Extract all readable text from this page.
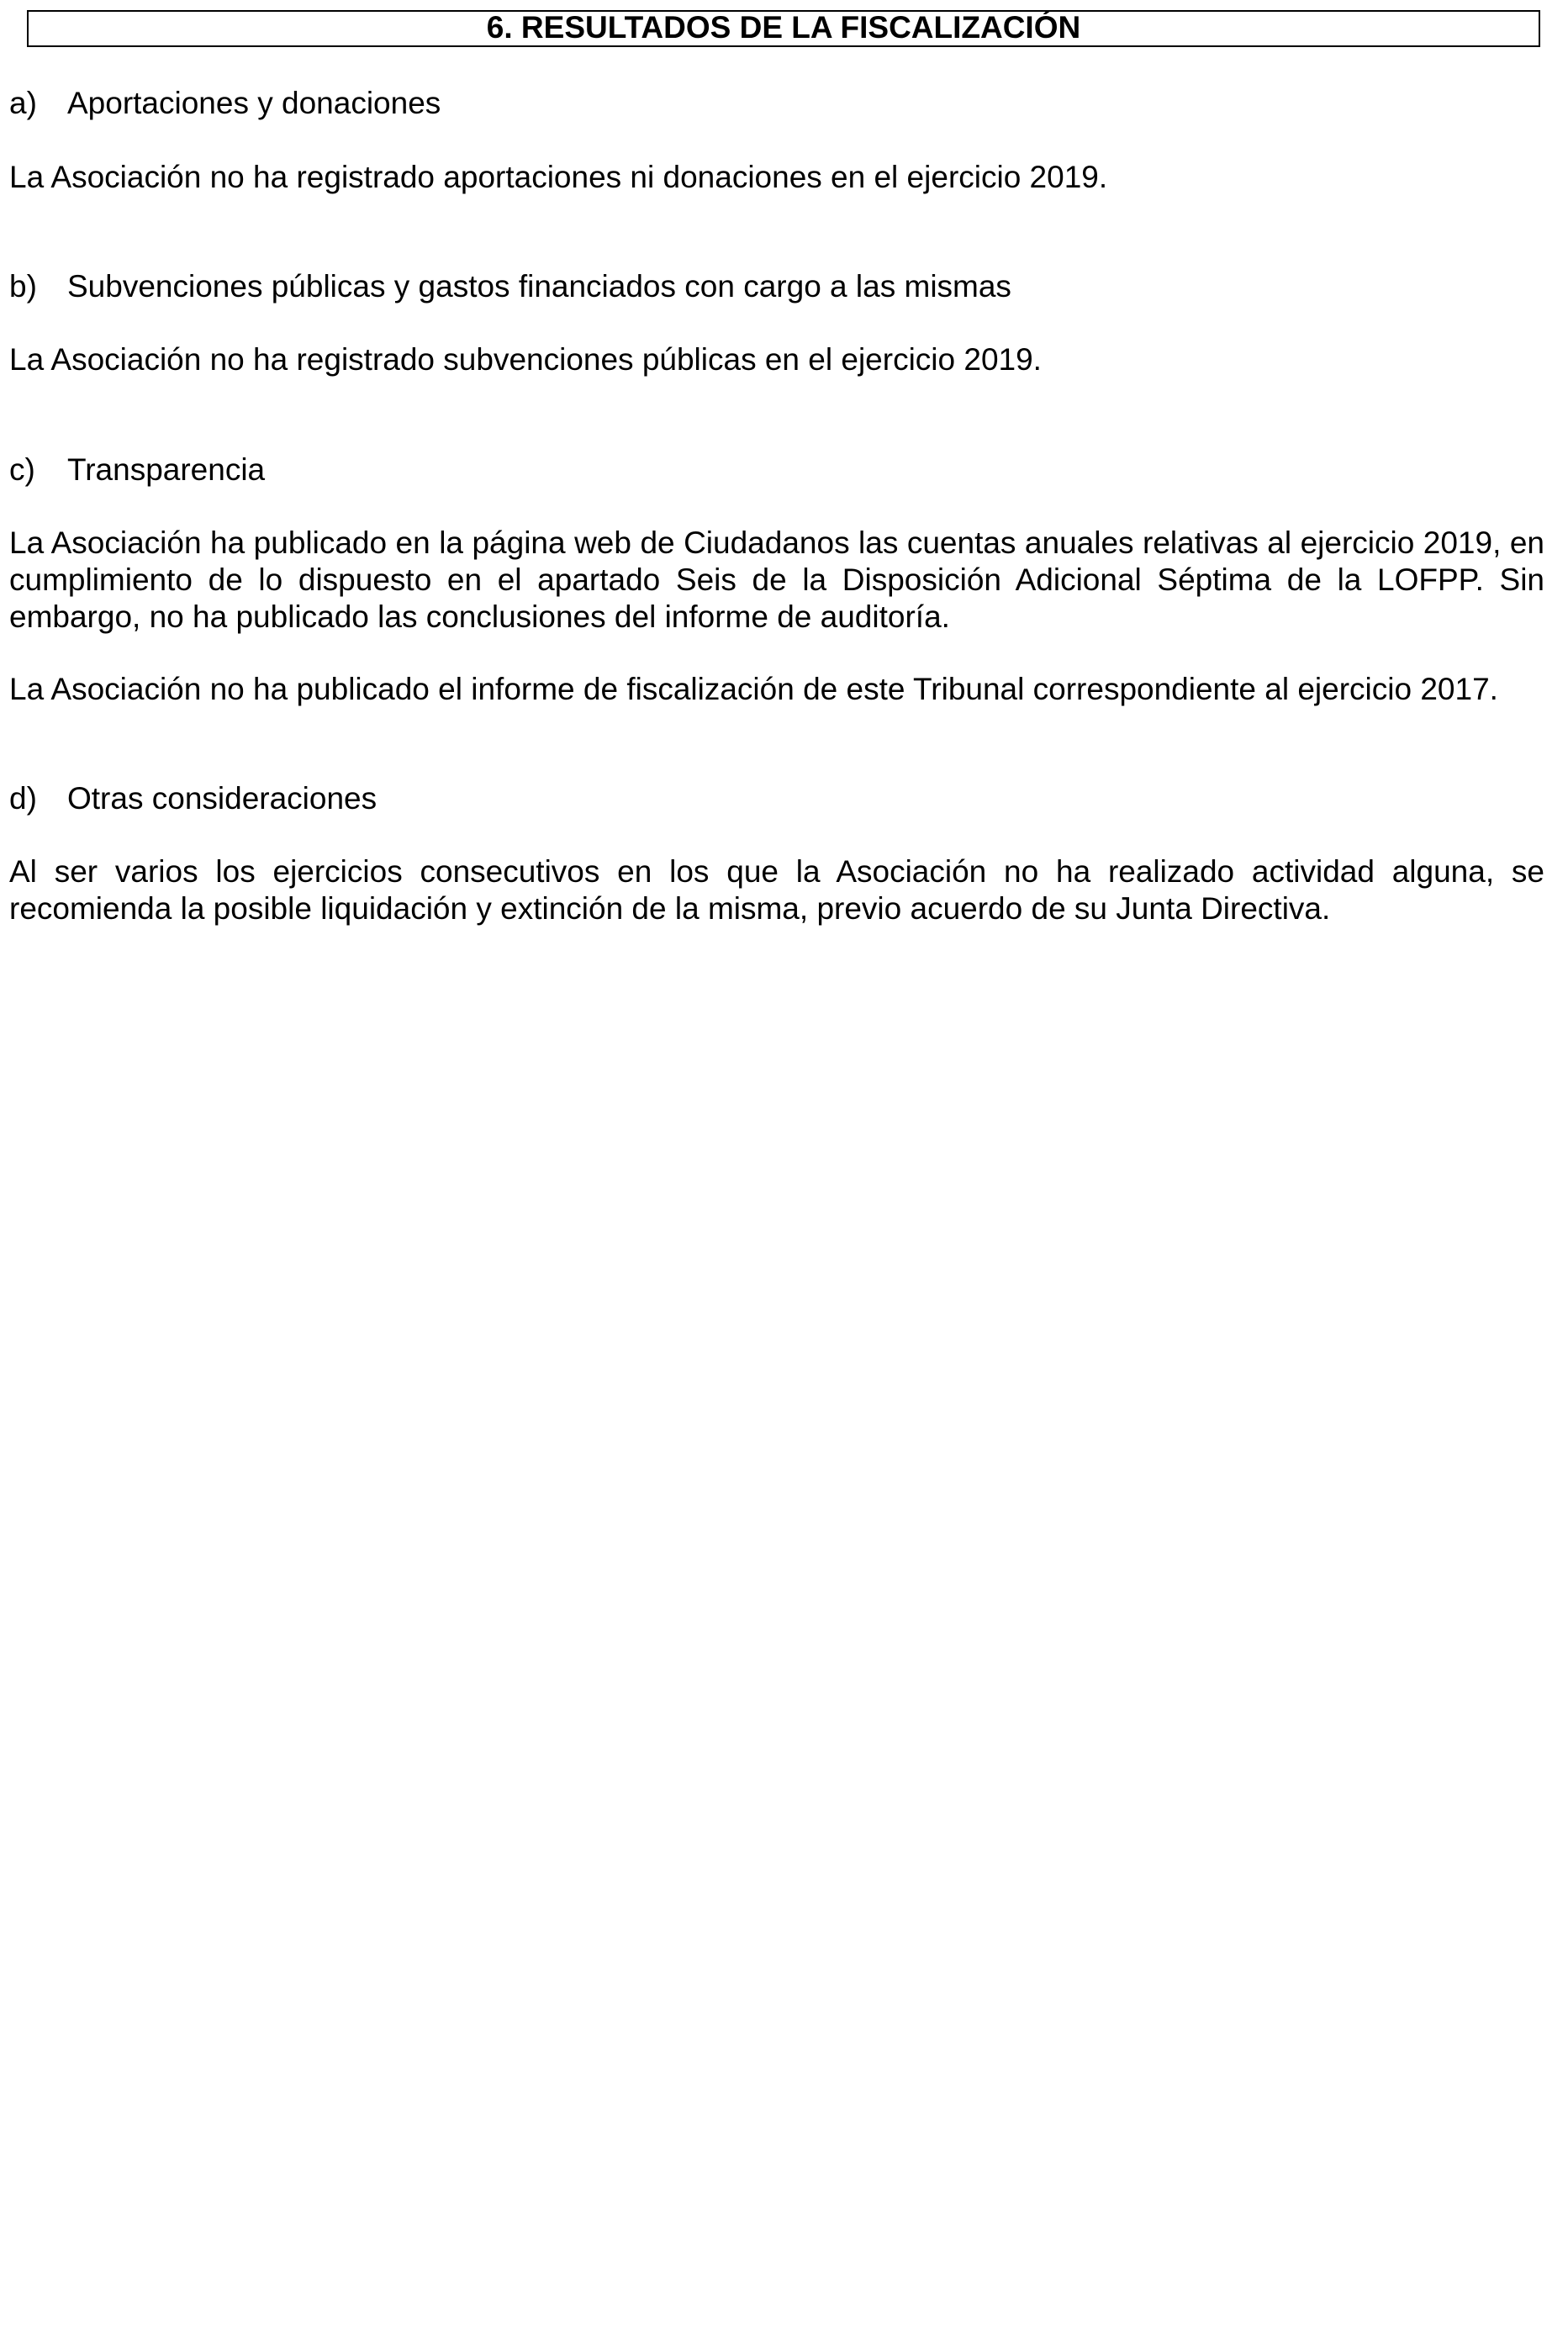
6. RESULTADOS DE LA FISCALIZACIÓN
a) Aportaciones y donaciones

La Asociación no ha registrado aportaciones ni donaciones en el ejercicio 2019.

b) Subvenciones públicas y gastos financiados con cargo a las mismas

La Asociación no ha registrado subvenciones públicas en el ejercicio 2019.

c) Transparencia

La Asociación ha publicado en la página web de Ciudadanos las cuentas anuales relativas al ejercicio 2019, en cumplimiento de lo dispuesto en el apartado Seis de la Disposición Adicional Séptima de la LOFPP. Sin embargo, no ha publicado las conclusiones del informe de auditoría.

La Asociación no ha publicado el informe de fiscalización de este Tribunal correspondiente al ejercicio 2017.

d) Otras consideraciones

Al ser varios los ejercicios consecutivos en los que la Asociación no ha realizado actividad alguna, se recomienda la posible liquidación y extinción de la misma, previo acuerdo de su Junta Directiva.
